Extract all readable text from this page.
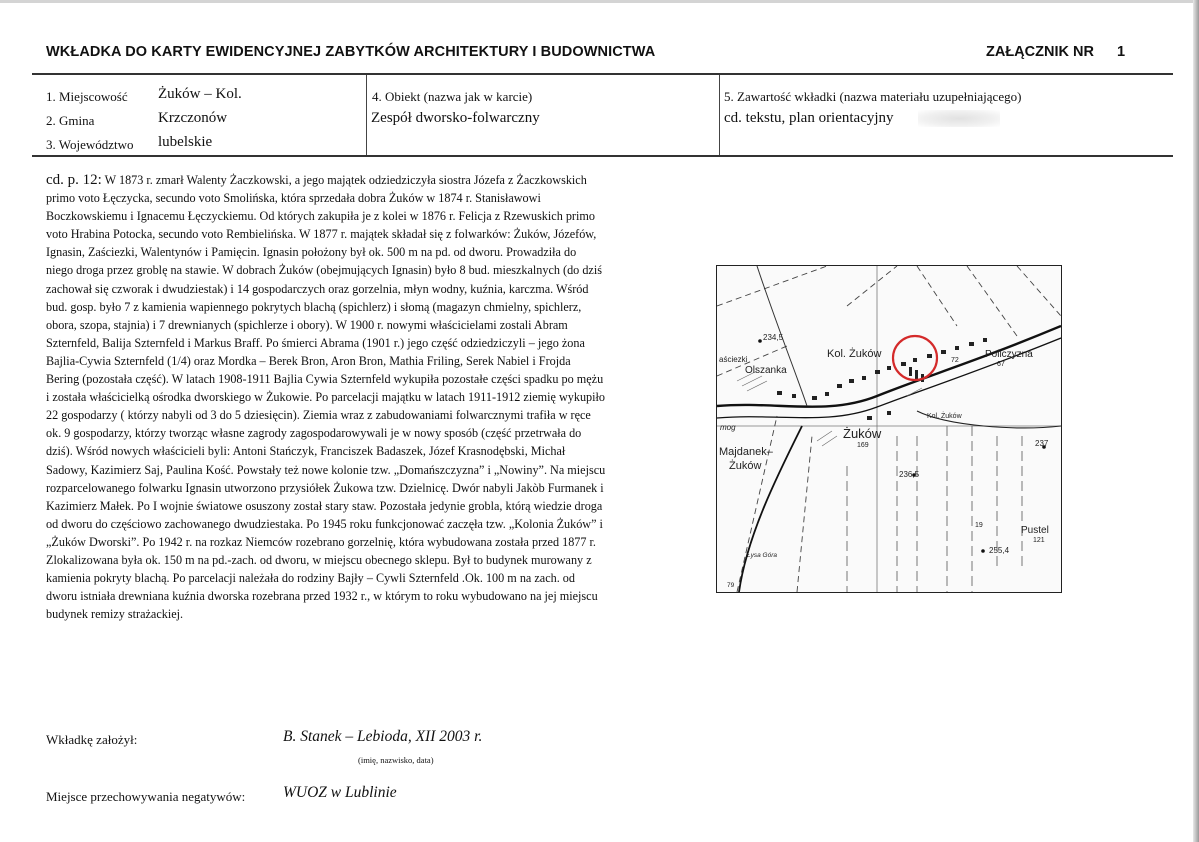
WKŁADKA DO KARTY EWIDENCYJNEJ ZABYTKÓW ARCHITEKTURY I BUDOWNICTWA	ZAŁĄCZNIK NR 1
1. Miejscowość Żuków – Kol.
2. Gmina	Krzczonów
3. Województwo lubelskie
4. Obiekt (nazwa jak w karcie)
Zespół dworsko-folwarczny
5. Zawartość wkładki (nazwa materiału uzupełniającego)
cd. tekstu, plan orientacyjny
cd. p. 12: W 1873 r. zmarł Walenty Żaczkowski, a jego majątek odziedziczyła siostra Józefa z Żaczkowskich primo voto Łęczycka, secundo voto Smolińska, która sprzedała dobra Żuków w 1874 r. Stanisławowi Boczkowskiemu i Ignacemu Łęczyckiemu. Od których zakupiła je z kolei w 1876 r. Felicja z Rzewuskich primo voto Hrabina Potocka, secundo voto Rembielińska. W 1877 r. majątek składał się z folwarków: Żuków, Józefów, Ignasin, Zaściezki, Walentynów i Pamięcin. Ignasin położony był ok. 500 m na pd. od dworu. Prowadziła do niego droga przez groblę na stawie. W dobrach Żuków (obejmujących Ignasin) było 8 bud. mieszkalnych (do dziś zachował się czworak i dwudziestak) i 14 gospodarczych oraz gorzelnia, młyn wodny, kuźnia, karczma. Wśród bud. gosp. było 7 z kamienia wapiennego pokrytych blachą (spichlerz) i słomą (magazyn chmielny, spichlerz, obora, szopa, stajnia) i 7 drewnianych (spichlerze i obory). W 1900 r. nowymi właścicielami zostali Abram Szternfeld, Balija Szternfeld i Markus Braff. Po śmierci Abrama (1901 r.) jego część odziedziczyli – jego żona Bajlia-Cywia Szternfeld (1/4) oraz Mordka – Berek Bron, Aron Bron, Mathia Friling, Serek Nabiel i Frojda Bering (pozostała część). W latach 1908-1911 Bajlia Cywia Szternfeld wykupiła pozostałe części spadku po mężu i została właścicielką ośrodka dworskiego w Żukowie. Po parcelacji majątku w latach 1911-1912 ziemię wykupiło 22 gospodarzy ( którzy nabyli od 3 do 5 dziesięcin). Ziemia wraz z zabudowaniami folwarcznymi trafiła w ręce ok. 9 gospodarzy, którzy tworząc własne zagrody zagospodarowywali je w nowy sposób (część przetrwała do dziś). Wśród nowych właścicieli byli: Antoni Stańczyk, Franciszek Badaszek, Józef Krasnodębski, Michał Sadowy, Kazimierz Saj, Paulina Kość. Powstały też nowe kolonie tzw. „Domańszczyzna” i „Nowiny”. Na miejscu rozparcelowanego folwarku Ignasin utworzono przysiółek Żukowa tzw. Dzielnicę. Dwór nabyli Jakòb Furmanek i Kazimierz Małek. Po I wojnie światowe osuszony został stary staw. Pozostała jedynie grobla, którą wiedzie droga od dworu do częściowo zachowanego dwudziestaka. Po 1945 roku funkcjonować zaczęła tzw. „Kolonia Żuków” i „Żuków Dworski”. Po 1942 r. na rozkaz Niemców rozebrano gorzelnię, która wybudowana została przed 1877 r. Zlokalizowana była ok. 150 m na pd.-zach. od dworu, w miejscu obecnego sklepu. Był to budynek murowany z kamienia pokryty blachą. Po parcelacji należała do rodziny Bajły – Cywli Szternfeld .Ok. 100 m na zach. od dworu istniała drewniana kuźnia dworska rozebrana przed 1932 r., w którym to roku wybudowano na jej miejscu budynek remizy strażackiej.
234,5
Kol. Żuków	Policzyzna
67
72
aściezki
Olszanka
mog
Kol. Żuków
Żuków
169
Majdanek–
Żuków
237
236,5
19	Pustel
121
255,4
Łysa Góra
79
Wkładkę założył:	B. Stanek – Lebioda, XII 2003 r.
(imię, nazwisko, data)
Miejsce przechowywania negatywów: WUOZ w Lublinie
